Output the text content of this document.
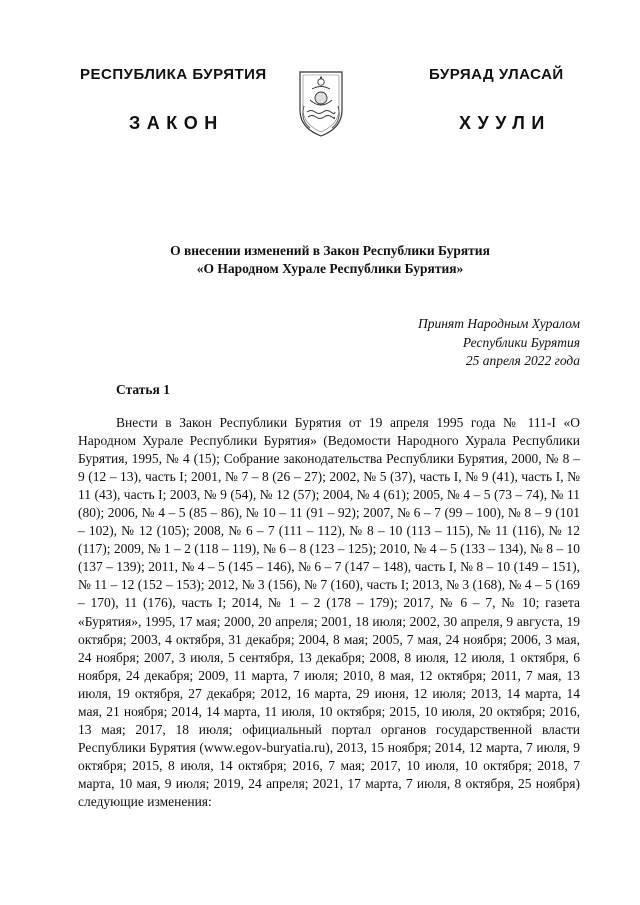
РЕСПУБЛИКА БУРЯТИЯ	БУРЯАД УЛАСАЙ
ЗАКОН	ХУУЛИ
О внесении изменений в Закон Республики Бурятия
«О Народном Хурале Республики Бурятия»
Принят Народным Хуралом
Республики Бурятия
25 апреля 2022 года
Статья 1

Внести в Закон Республики Бурятия от 19 апреля 1995 года № 111-I «О Народном Хурале Республики Бурятия» (Ведомости Народного Хурала Республики Бурятия, 1995, № 4 (15); Собрание законодательства Республики Бурятия, 2000, № 8 – 9 (12 – 13), часть I; 2001, № 7 – 8 (26 – 27); 2002, № 5 (37), часть I, № 9 (41), часть I, № 11 (43), часть I; 2003, № 9 (54), № 12 (57); 2004, № 4 (61); 2005, № 4 – 5 (73 – 74), № 11 (80); 2006, № 4 – 5 (85 – 86), № 10 – 11 (91 – 92); 2007, № 6 – 7 (99 – 100), № 8 – 9 (101 – 102), № 12 (105); 2008, № 6 – 7 (111 – 112), № 8 – 10 (113 – 115), № 11 (116), № 12 (117); 2009, № 1 – 2 (118 – 119), № 6 – 8 (123 – 125); 2010, № 4 – 5 (133 – 134), № 8 – 10 (137 – 139); 2011, № 4 – 5 (145 – 146), № 6 – 7 (147 – 148), часть I, № 8 – 10 (149 – 151), № 11 – 12 (152 – 153); 2012, № 3 (156), № 7 (160), часть I; 2013, № 3 (168), № 4 – 5 (169 – 170), 11 (176), часть I; 2014, № 1 – 2 (178 – 179); 2017, № 6 – 7, № 10; газета «Бурятия», 1995, 17 мая; 2000, 20 апреля; 2001, 18 июля; 2002, 30 апреля, 9 августа, 19 октября; 2003, 4 октября, 31 декабря; 2004, 8 мая; 2005, 7 мая, 24 ноября; 2006, 3 мая, 24 ноября; 2007, 3 июля, 5 сентября, 13 декабря; 2008, 8 июля, 12 июля, 1 октября, 6 ноября, 24 декабря; 2009, 11 марта, 7 июля; 2010, 8 мая, 12 октября; 2011, 7 мая, 13 июля, 19 октября, 27 декабря; 2012, 16 марта, 29 июня, 12 июля; 2013, 14 марта, 14 мая, 21 ноября; 2014, 14 марта, 11 июля, 10 октября; 2015, 10 июля, 20 октября; 2016, 13 мая; 2017, 18 июля; официальный портал органов государственной власти Республики Бурятия (www.egov-buryatia.ru), 2013, 15 ноября; 2014, 12 марта, 7 июля, 9 октября; 2015, 8 июля, 14 октября; 2016, 7 мая; 2017, 10 июля, 10 октября; 2018, 7 марта, 10 мая, 9 июля; 2019, 24 апреля; 2021, 17 марта, 7 июля, 8 октября, 25 ноября) следующие изменения:
